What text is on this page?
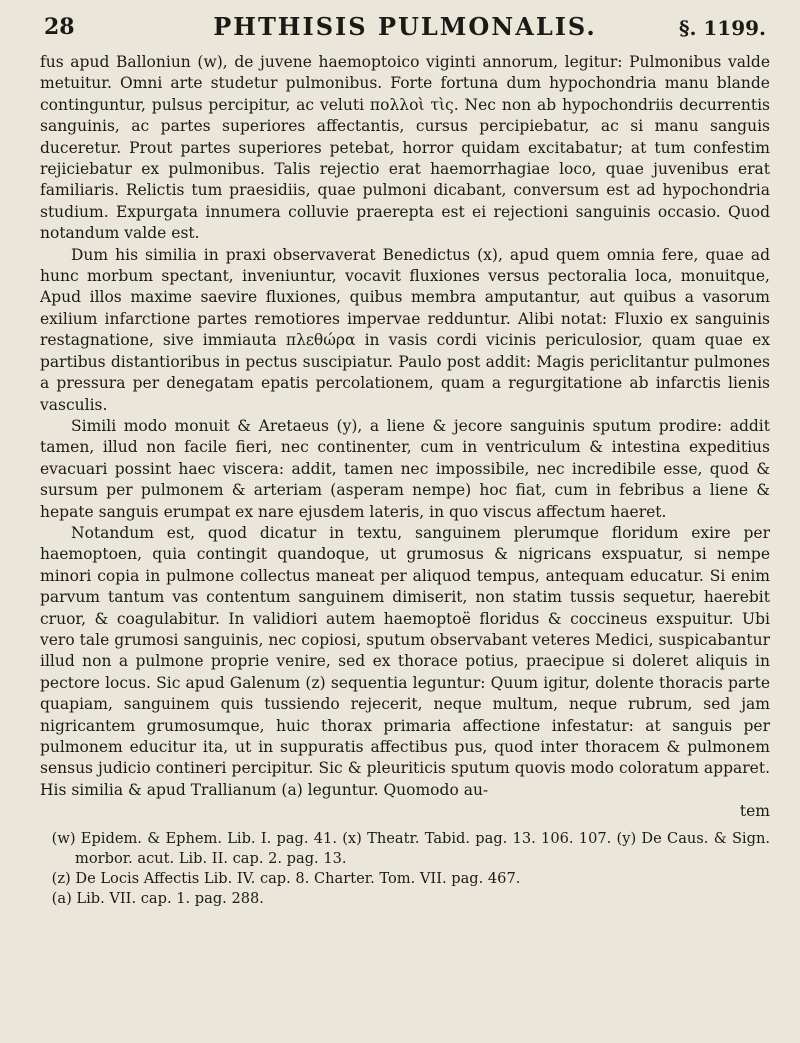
28	PHTHISIS PULMONALIS.	§. 1199.

fus apud Balloniun (w), de juvene haemoptoico viginti annorum, legitur: Pulmonibus valde metuitur. Omni arte studetur pulmonibus. Forte fortuna dum hypochondria manu blande continguntur, pulsus percipitur, ac veluti πολλοὶ τὶς. Nec non ab hypochondriis decurrentis sanguinis, ac partes superiores affectantis, cursus percipiebatur, ac si manu sanguis duceretur. Prout partes superiores petebat, horror quidam excitabatur; at tum confestim rejiciebatur ex pulmonibus. Talis rejectio erat haemorrhagiae loco, quae juvenibus erat familiaris. Relictis tum praesidiis, quae pulmoni dicabant, conversum est ad hypochondria studium. Expurgata innumera colluvie praerepta est ei rejectioni sanguinis occasio. Quod notandum valde est.

Dum his similia in praxi observaverat Benedictus (x), apud quem omnia fere, quae ad hunc morbum spectant, inveniuntur, vocavit fluxiones versus pectoralia loca, monuitque, Apud illos maxime saevire fluxiones, quibus membra amputantur, aut quibus a vasorum exilium infarctione partes remotiores impervae redduntur. Alibi notat: Fluxio ex sanguinis restagnatione, sive immiauta πλεθώρα in vasis cordi vicinis periculosior, quam quae ex partibus distantioribus in pectus suscipiatur. Paulo post addit: Magis periclitantur pulmones a pressura per denegatam epatis percolationem, quam a regurgitatione ab infarctis lienis vasculis.

Simili modo monuit & Aretaeus (y), a liene & jecore sanguinis sputum prodire: addit tamen, illud non facile fieri, nec continenter, cum in ventriculum & intestina expeditius evacuari possint haec viscera: addit, tamen nec impossibile, nec incredibile esse, quod & sursum per pulmonem & arteriam (asperam nempe) hoc fiat, cum in febribus a liene & hepate sanguis erumpat ex nare ejusdem lateris, in quo viscus affectum haeret.

Notandum est, quod dicatur in textu, sanguinem plerumque floridum exire per haemoptoen, quia contingit quandoque, ut grumosus & nigricans exspuatur, si nempe minori copia in pulmone collectus maneat per aliquod tempus, antequam educatur. Si enim parvum tantum vas contentum sanguinem dimiserit, non statim tussis sequetur, haerebit cruor, & coagulabitur. In validiori autem haemoptoë floridus & coccineus exspuitur. Ubi vero tale grumosi sanguinis, nec copiosi, sputum observabant veteres Medici, suspicabantur illud non a pulmone proprie venire, sed ex thorace potius, praecipue si doleret aliquis in pectore locus. Sic apud Galenum (z) sequentia leguntur: Quum igitur, dolente thoracis parte quapiam, sanguinem quis tussiendo rejecerit, neque multum, neque rubrum, sed jam nigricantem grumosumque, huic thorax primaria affectione infestatur: at sanguis per pulmonem educitur ita, ut in suppuratis affectibus pus, quod inter thoracem & pulmonem sensus judicio contineri percipitur. Sic & pleuriticis sputum quovis modo coloratum apparet. His similia & apud Trallianum (a) leguntur. Quomodo au-

tem

(w) Epidem. & Ephem. Lib. I. pag. 41. (x) Theatr. Tabid. pag. 13. 106. 107. (y) De Caus. & Sign. morbor. acut. Lib. II. cap. 2. pag. 13.

(z) De Locis Affectis Lib. IV. cap. 8. Charter. Tom. VII. pag. 467.

(a) Lib. VII. cap. 1. pag. 288.
